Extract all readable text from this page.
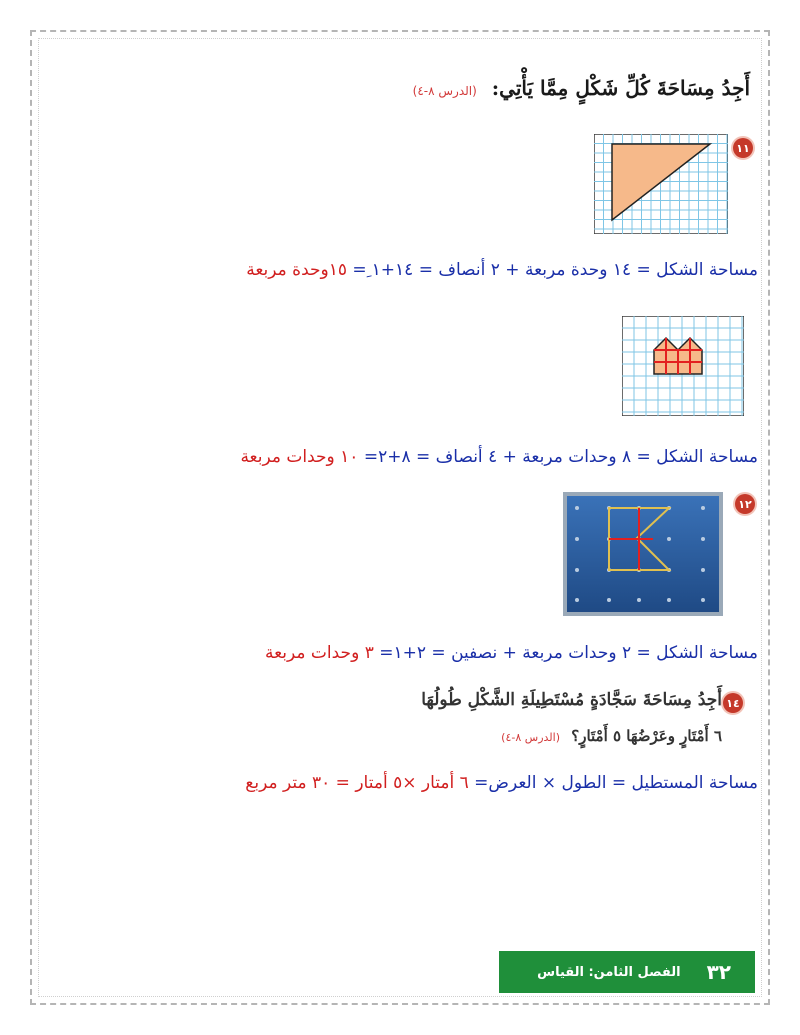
أَجِدُ مِسَاحَةَ كُلِّ شَكْلٍ مِمَّا يَأْتِي: (الدرس ٨-٤)
١١
مساحة الشكل = ١٤ وحدة مربعة + ٢ أنصاف = ١٤+١ ِ= ١٥وحدة مربعة
مساحة الشكل = ٨ وحدات مربعة + ٤ أنصاف = ٨+٢= ١٠ وحدات مربعة
١٢
مساحة الشكل = ٢ وحدات مربعة + نصفين = ٢+١= ٣ وحدات مربعة
١٤
أَجِدُ مِسَاحَةَ سَجَّادَةٍ مُسْتَطِيلَةِ الشَّكْلِ طُولُهَا
٦ أَمْتَارٍ وعَرْضُهَا ٥ أَمْتَارٍ؟ (الدرس ٨-٤)
مساحة المستطيل = الطول × العرض= ٦ أمتار ×٥ أمتار = ٣٠ متر مربع
٣٢
الفصل الثامن: القياس
